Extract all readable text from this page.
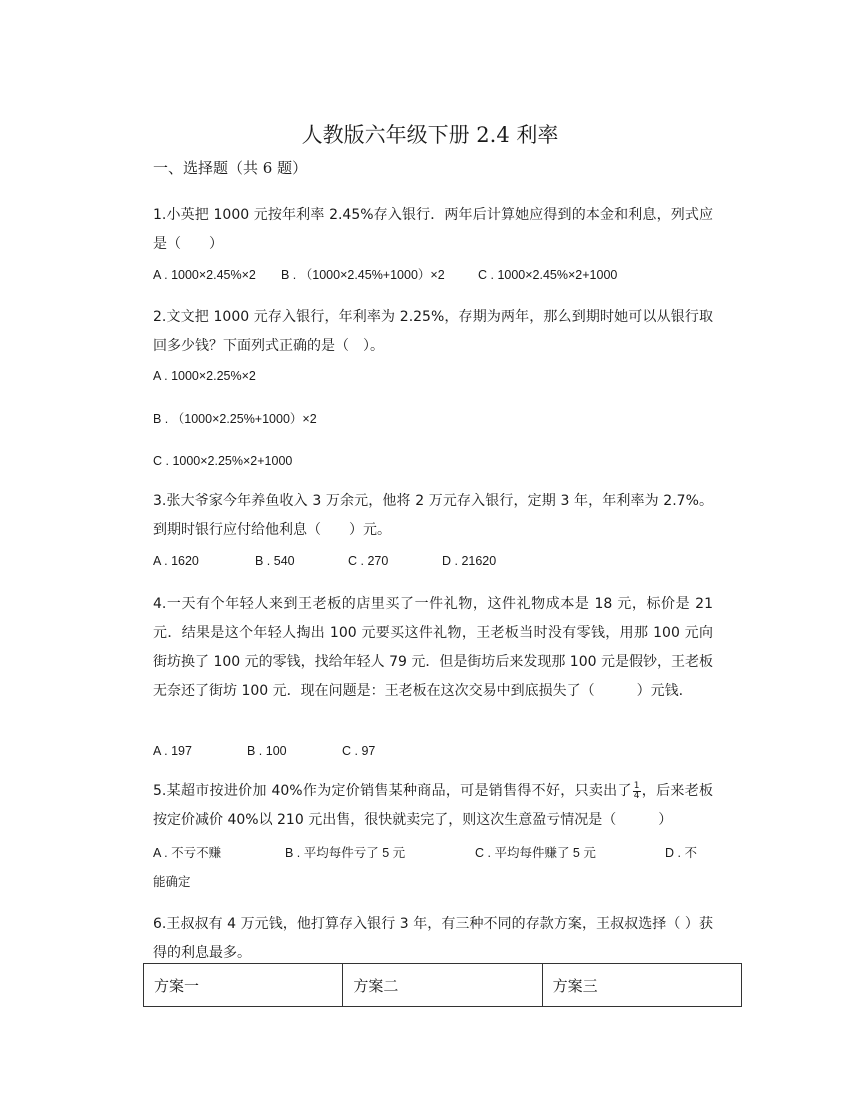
人教版六年级下册 2.4 利率
一、选择题（共 6 题）
1.小英把 1000 元按年利率 2.45%存入银行．两年后计算她应得到的本金和利息，列式应是（　　）
A . 1000×2.45%×2 B . （1000×2.45%+1000）×2	C . 1000×2.45%×2+1000
2.文文把 1000 元存入银行，年利率为 2.25%，存期为两年，那么到期时她可以从银行取回多少钱？下面列式正确的是（　）。
A . 1000×2.25%×2
B . （1000×2.25%+1000）×2
C . 1000×2.25%×2+1000
3.张大爷家今年养鱼收入 3 万余元，他将 2 万元存入银行，定期 3 年，年利率为 2.7%。到期时银行应付给他利息（　　）元。
A . 1620	B . 540	C . 270	D . 21620
4.一天有个年轻人来到王老板的店里买了一件礼物，这件礼物成本是 18 元，标价是 21 元．结果是这个年轻人掏出 100 元要买这件礼物，王老板当时没有零钱，用那 100 元向街坊换了 100 元的零钱，找给年轻人 79 元．但是街坊后来发现那 100 元是假钞，王老板无奈还了街坊 100 元．现在问题是：王老板在这次交易中到底损失了（　　　）元钱.
A . 197	B . 100	C . 97
5.某超市按进价加 40%作为定价销售某种商品，可是销售得不好，只卖出了 $\frac{1}{4}$ ，后来老板按定价减价 40%以 210 元出售，很快就卖完了，则这次生意盈亏情况是（　　　）
A . 不亏不赚	B . 平均每件亏了 5 元	C . 平均每件赚了 5 元	D . 不
能确定
6.王叔叔有 4 万元钱，他打算存入银行 3 年，有三种不同的存款方案，王叔叔选择（ ）获得的利息最多。
方案一	方案二	方案三
